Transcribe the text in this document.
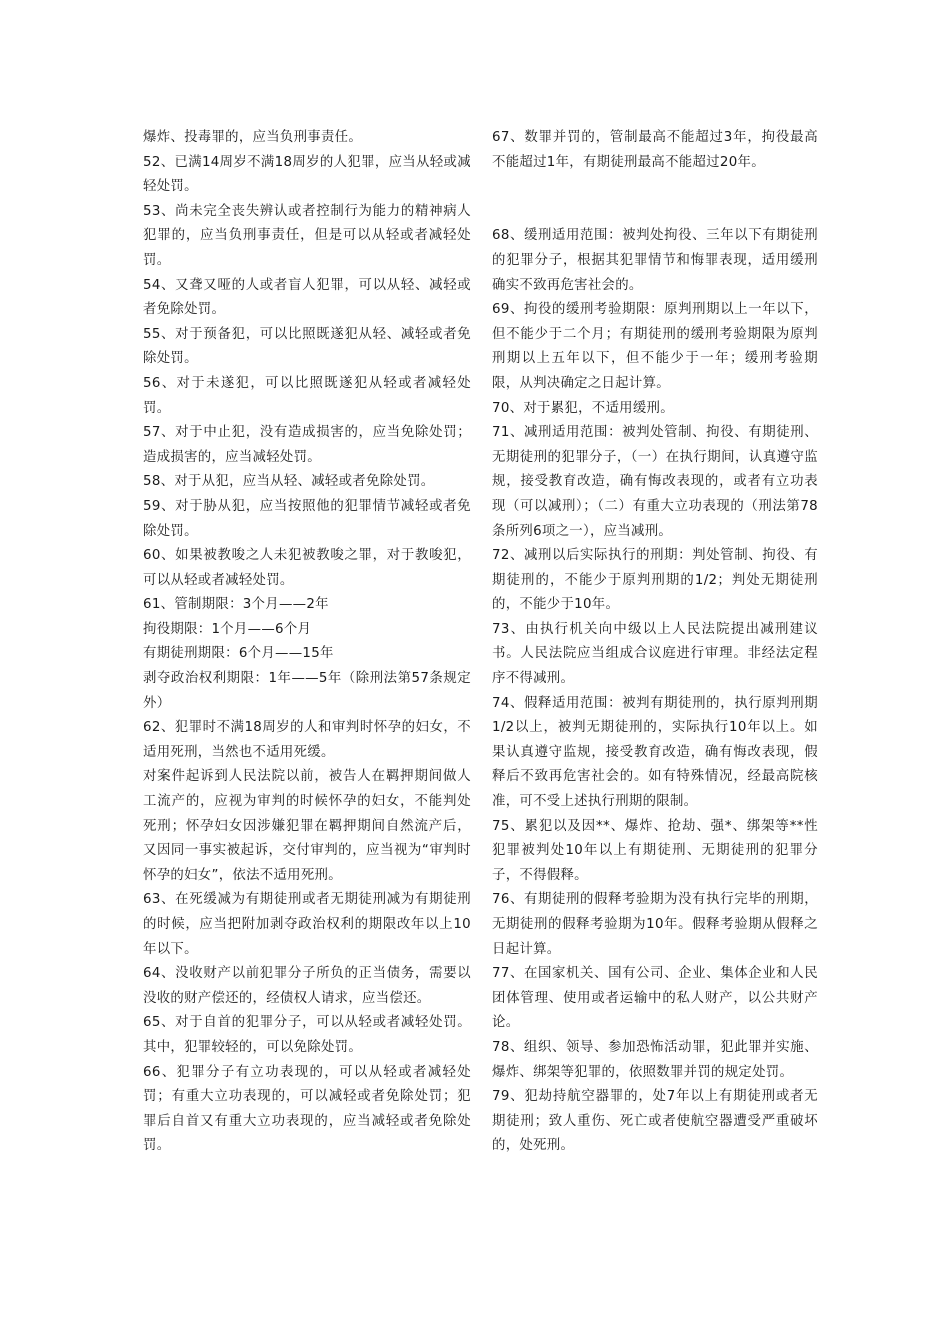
爆炸、投毒罪的，应当负刑事责任。

52、已满14周岁不满18周岁的人犯罪，应当从轻或减轻处罚。

53、尚未完全丧失辨认或者控制行为能力的精神病人犯罪的，应当负刑事责任，但是可以从轻或者减轻处罚。

54、又聋又哑的人或者盲人犯罪，可以从轻、减轻或者免除处罚。

55、对于预备犯，可以比照既遂犯从轻、减轻或者免除处罚。

56、对于未遂犯，可以比照既遂犯从轻或者减轻处罚。

57、对于中止犯，没有造成损害的，应当免除处罚；造成损害的，应当减轻处罚。

58、对于从犯，应当从轻、减轻或者免除处罚。

59、对于胁从犯，应当按照他的犯罪情节减轻或者免除处罚。

60、如果被教唆之人未犯被教唆之罪，对于教唆犯，可以从轻或者减轻处罚。

61、管制期限：3个月——2年

拘役期限：1个月——6个月

有期徒刑期限：6个月——15年

剥夺政治权利期限：1年——5年（除刑法第57条规定外）

62、犯罪时不满18周岁的人和审判时怀孕的妇女，不适用死刑，当然也不适用死缓。

对案件起诉到人民法院以前，被告人在羁押期间做人工流产的，应视为审判的时候怀孕的妇女，不能判处死刑；怀孕妇女因涉嫌犯罪在羁押期间自然流产后，又因同一事实被起诉，交付审判的，应当视为“审判时怀孕的妇女”，依法不适用死刑。

63、在死缓减为有期徒刑或者无期徒刑减为有期徒刑的时候，应当把附加剥夺政治权利的期限改年以上10年以下。

64、没收财产以前犯罪分子所负的正当债务，需要以没收的财产偿还的，经债权人请求，应当偿还。

65、对于自首的犯罪分子，可以从轻或者减轻处罚。其中，犯罪较轻的，可以免除处罚。

66、犯罪分子有立功表现的，可以从轻或者减轻处罚；有重大立功表现的，可以减轻或者免除处罚；犯罪后自首又有重大立功表现的，应当减轻或者免除处罚。

67、数罪并罚的，管制最高不能超过3年，拘役最高不能超过1年，有期徒刑最高不能超过20年。

68、缓刑适用范围：被判处拘役、三年以下有期徒刑的犯罪分子，根据其犯罪情节和悔罪表现，适用缓刑确实不致再危害社会的。

69、拘役的缓刑考验期限：原判刑期以上一年以下，但不能少于二个月；有期徒刑的缓刑考验期限为原判刑期以上五年以下，但不能少于一年；缓刑考验期限，从判决确定之日起计算。

70、对于累犯，不适用缓刑。

71、减刑适用范围：被判处管制、拘役、有期徒刑、无期徒刑的犯罪分子，（一）在执行期间，认真遵守监规，接受教育改造，确有悔改表现的，或者有立功表现（可以减刑）；（二）有重大立功表现的（刑法第78条所列6项之一），应当减刑。

72、减刑以后实际执行的刑期：判处管制、拘役、有期徒刑的，不能少于原判刑期的1/2；判处无期徒刑的，不能少于10年。

73、由执行机关向中级以上人民法院提出减刑建议书。人民法院应当组成合议庭进行审理。非经法定程序不得减刑。

74、假释适用范围：被判有期徒刑的，执行原判刑期1/2以上，被判无期徒刑的，实际执行10年以上。如果认真遵守监规，接受教育改造，确有悔改表现，假释后不致再危害社会的。如有特殊情况，经最高院核准，可不受上述执行刑期的限制。

75、累犯以及因**、爆炸、抢劫、强*、绑架等**性犯罪被判处10年以上有期徒刑、无期徒刑的犯罪分子，不得假释。

76、有期徒刑的假释考验期为没有执行完毕的刑期，无期徒刑的假释考验期为10年。假释考验期从假释之日起计算。

77、在国家机关、国有公司、企业、集体企业和人民团体管理、使用或者运输中的私人财产，以公共财产论。

78、组织、领导、参加恐怖活动罪，犯此罪并实施、爆炸、绑架等犯罪的，依照数罪并罚的规定处罚。

79、犯劫持航空器罪的，处7年以上有期徒刑或者无期徒刑；致人重伤、死亡或者使航空器遭受严重破坏的，处死刑。
